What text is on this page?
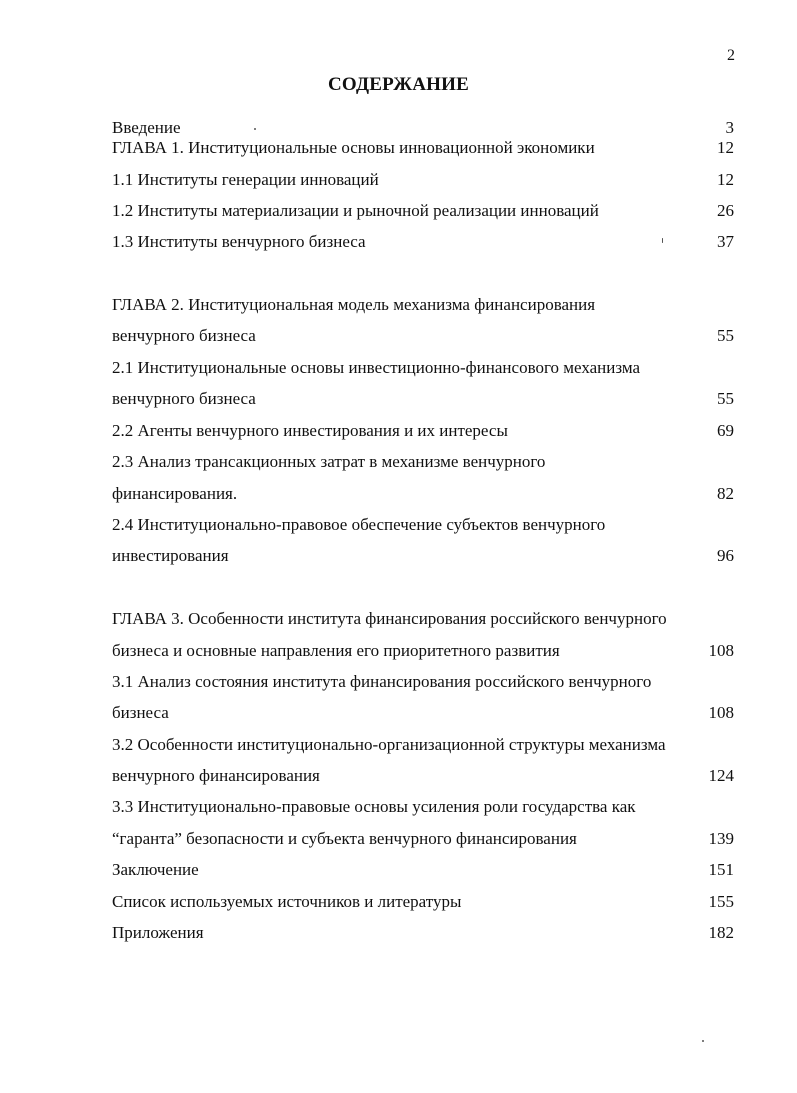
2
СОДЕРЖАНИЕ
Введение	3
ГЛАВА 1. Институциональные основы инновационной экономики	12
1.1 Институты генерации инноваций	12
1.2 Институты материализации и рыночной реализации инноваций	26
1.3 Институты венчурного бизнеса	37
ГЛАВА 2. Институциональная модель механизма финансирования
венчурного бизнеса	55
2.1 Институциональные основы инвестиционно-финансового механизма
венчурного бизнеса	55
2.2 Агенты венчурного инвестирования и их интересы	69
2.3 Анализ трансакционных затрат в механизме венчурного
финансирования.	82
2.4 Институционально-правовое обеспечение субъектов венчурного
инвестирования	96
ГЛАВА 3. Особенности института финансирования российского венчурного
бизнеса и основные направления его приоритетного развития	108
3.1 Анализ состояния института финансирования российского венчурного
бизнеса	108
3.2 Особенности институционально-организационной структуры механизма
венчурного финансирования	124
3.3 Институционально-правовые основы усиления роли государства как
“гаранта” безопасности и субъекта венчурного финансирования	139
Заключение	151
Список используемых источников и литературы	155
Приложения	182
